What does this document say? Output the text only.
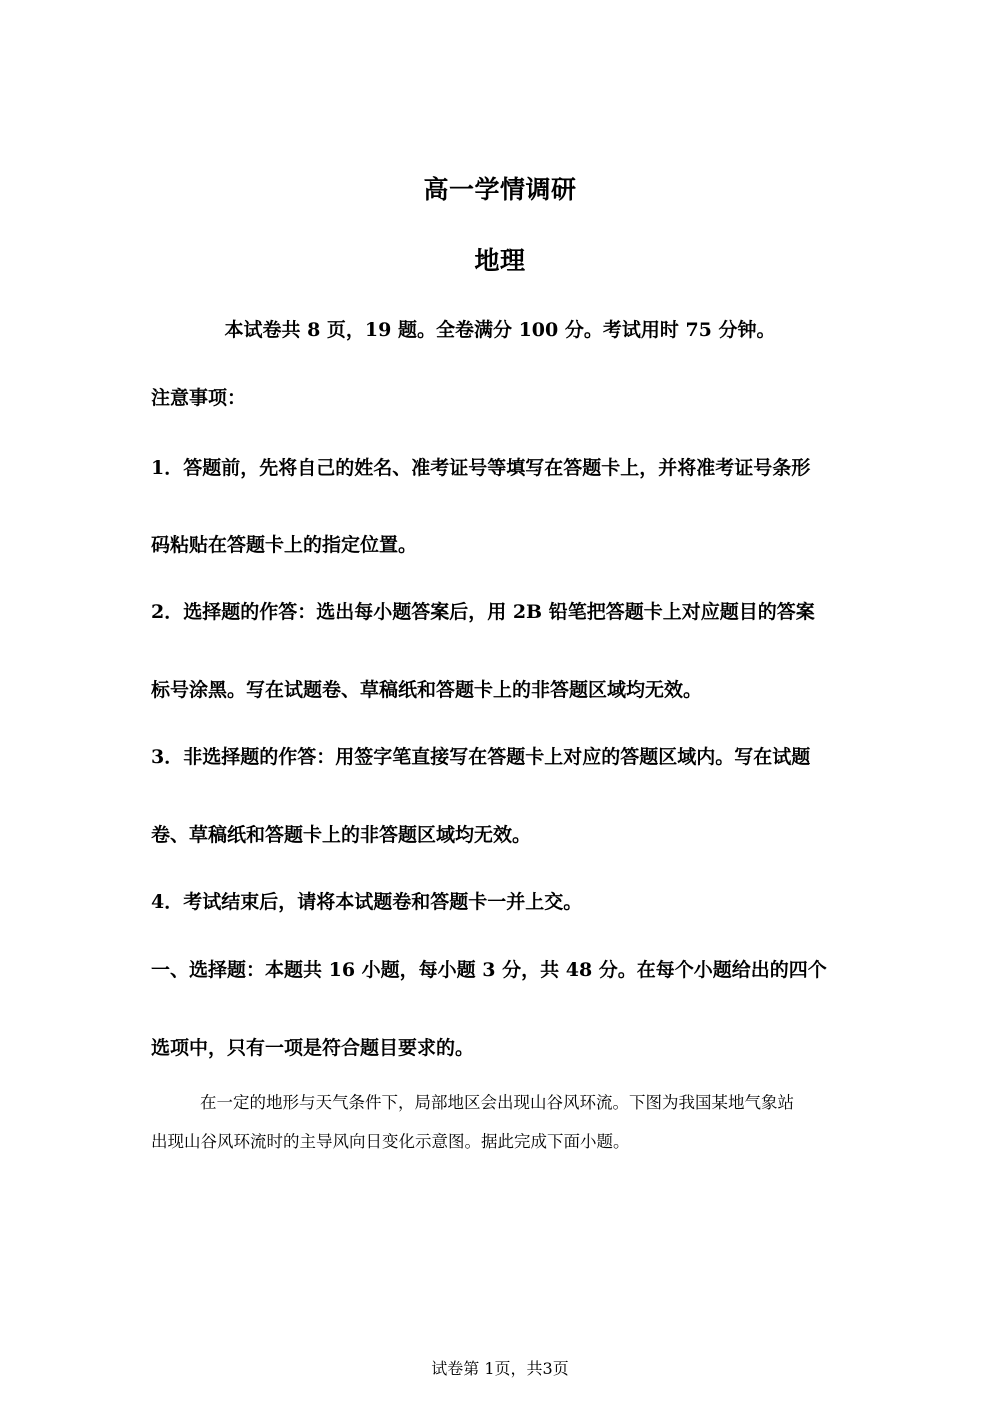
高一学情调研
地理
本试卷共 8 页，19 题。全卷满分 100 分。考试用时 75 分钟。
注意事项：
1．答题前，先将自己的姓名、准考证号等填写在答题卡上，并将准考证号条形
码粘贴在答题卡上的指定位置。
2．选择题的作答：选出每小题答案后，用 2B 铅笔把答题卡上对应题目的答案
标号涂黑。写在试题卷、草稿纸和答题卡上的非答题区域均无效。
3．非选择题的作答：用签字笔直接写在答题卡上对应的答题区域内。写在试题
卷、草稿纸和答题卡上的非答题区域均无效。
4．考试结束后，请将本试题卷和答题卡一并上交。
一、选择题：本题共 16 小题，每小题 3 分，共 48 分。在每个小题给出的四个
选项中，只有一项是符合题目要求的。
在一定的地形与天气条件下，局部地区会出现山谷风环流。下图为我国某地气象站
出现山谷风环流时的主导风向日变化示意图。据此完成下面小题。
试卷第 1页，共3页
